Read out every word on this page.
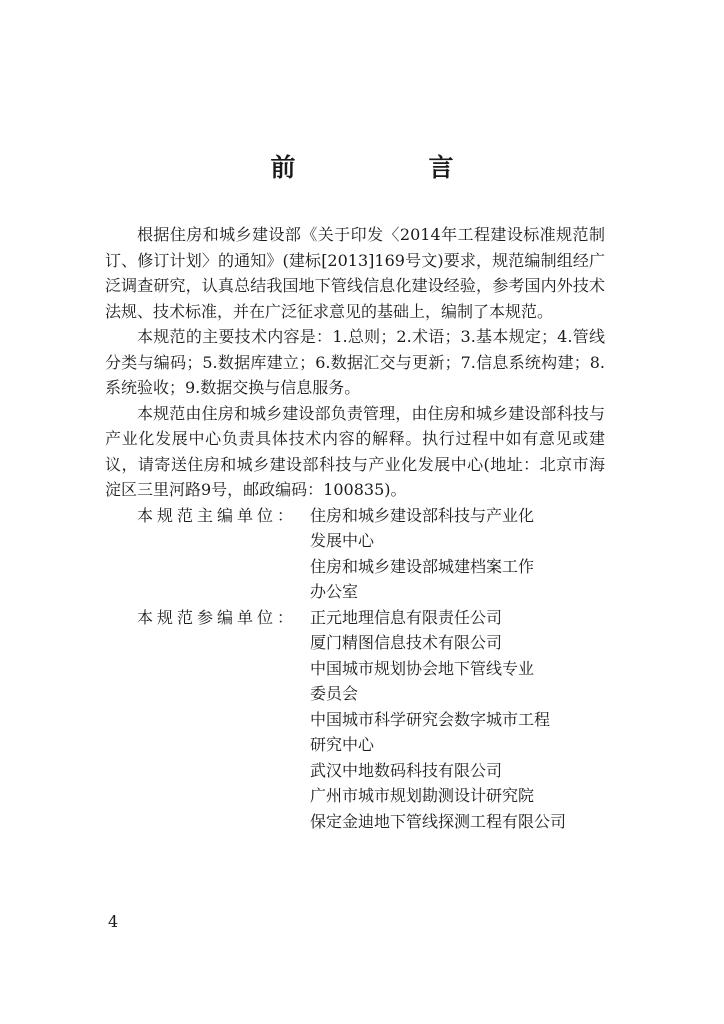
前　言

根据住房和城乡建设部《关于印发〈2014年工程建设标准规范制订、修订计划〉的通知》(建标[2013]169号文)要求，规范编制组经广泛调查研究，认真总结我国地下管线信息化建设经验，参考国内外技术法规、技术标准，并在广泛征求意见的基础上，编制了本规范。

本规范的主要技术内容是：1.总则；2.术语；3.基本规定；4.管线分类与编码；5.数据库建立；6.数据汇交与更新；7.信息系统构建；8.系统验收；9.数据交换与信息服务。

本规范由住房和城乡建设部负责管理，由住房和城乡建设部科技与产业化发展中心负责具体技术内容的解释。执行过程中如有意见或建议，请寄送住房和城乡建设部科技与产业化发展中心(地址：北京市海淀区三里河路9号，邮政编码：100835)。

本规范主编单位： 住房和城乡建设部科技与产业化
发展中心
住房和城乡建设部城建档案工作
办公室
本规范参编单位： 正元地理信息有限责任公司
厦门精图信息技术有限公司
中国城市规划协会地下管线专业
委员会
中国城市科学研究会数字城市工程
研究中心
武汉中地数码科技有限公司
广州市城市规划勘测设计研究院
保定金迪地下管线探测工程有限公司
4
